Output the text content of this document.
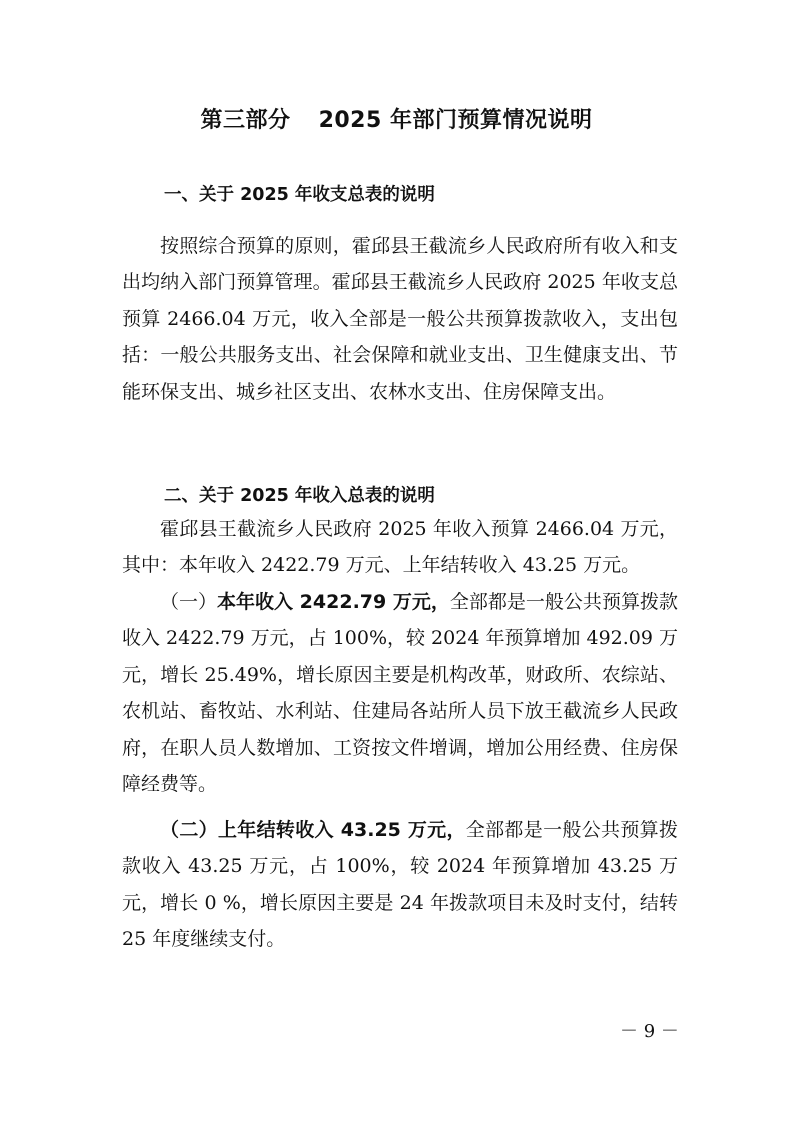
第三部分 2025 年部门预算情况说明
一、关于 2025 年收支总表的说明

按照综合预算的原则，霍邱县王截流乡人民政府所有收入和支出均纳入部门预算管理。霍邱县王截流乡人民政府 2025 年收支总预算 2466.04 万元，收入全部是一般公共预算拨款收入，支出包括：一般公共服务支出、社会保障和就业支出、卫生健康支出、节能环保支出、城乡社区支出、农林水支出、住房保障支出。

二、关于 2025 年收入总表的说明

霍邱县王截流乡人民政府 2025 年收入预算 2466.04 万元，其中：本年收入 2422.79 万元、上年结转收入 43.25 万元。

（一）本年收入 2422.79 万元，全部都是一般公共预算拨款收入 2422.79 万元，占 100%，较 2024 年预算增加 492.09 万元，增长 25.49%，增长原因主要是机构改革，财政所、农综站、农机站、畜牧站、水利站、住建局各站所人员下放王截流乡人民政府，在职人员人数增加、工资按文件增调，增加公用经费、住房保障经费等。

（二）上年结转收入 43.25 万元，全部都是一般公共预算拨款收入 43.25 万元，占 100%，较 2024 年预算增加 43.25 万元，增长 0 %，增长原因主要是 24 年拨款项目未及时支付，结转 25 年度继续支付。

－ 9 －
